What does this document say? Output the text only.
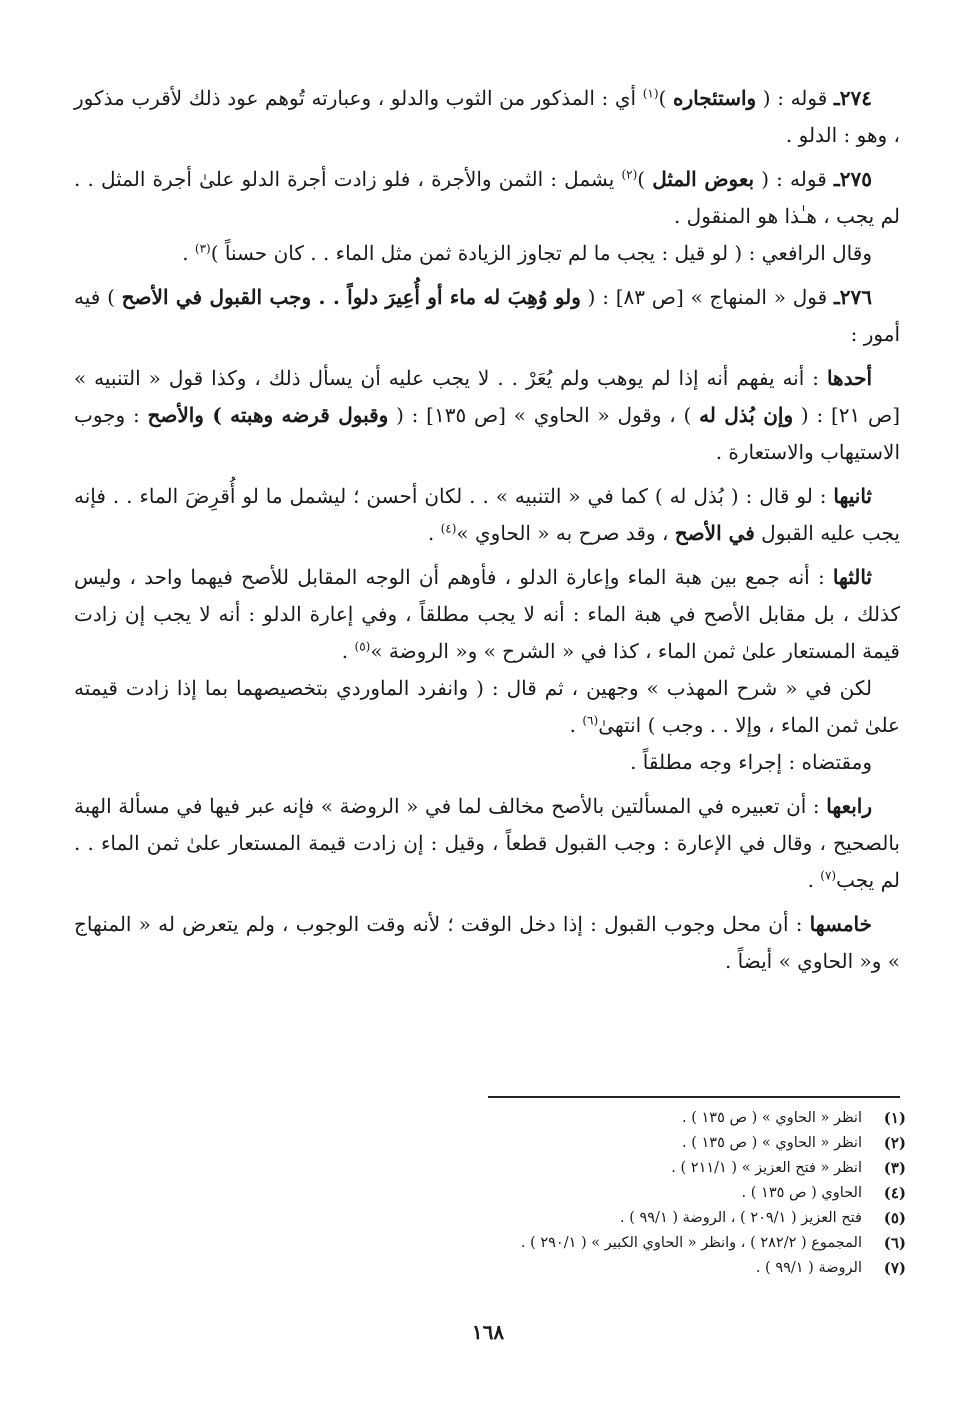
٢٧٤ـ قوله : ( واستئجاره )$^{(١)}$ أي : المذكور من الثوب والدلو ، وعبارته تُوهم عود ذلك لأقرب مذكور ، وهو : الدلو .

٢٧٥ـ قوله : ( بعوض المثل )$^{(٢)}$ يشمل : الثمن والأجرة ، فلو زادت أجرة الدلو علىٰ أجرة المثل . . لم يجب ، هـٰذا هو المنقول .

وقال الرافعي : ( لو قيل : يجب ما لم تجاوز الزيادة ثمن مثل الماء . . كان حسناً )$^{(٣)}$ .

٢٧٦ـ قول « المنهاج » [ص ٨٣] : ( ولو وُهِبَ له ماء أو أُعِيرَ دلواً . . وجب القبول في الأصح ) فيه أمور :

أحدها : أنه يفهم أنه إذا لم يوهب ولم يُعَرْ . . لا يجب عليه أن يسأل ذلك ، وكذا قول « التنبيه » [ص ٢١] : ( وإن بُذل له ) ، وقول « الحاوي » [ص ١٣٥] : ( وقبول قرضه وهبته ) والأصح : وجوب الاستيهاب والاستعارة .

ثانيها : لو قال : ( بُذل له ) كما في « التنبيه » . . لكان أحسن ؛ ليشمل ما لو أُقرِضَ الماء . . فإنه يجب عليه القبول في الأصح ، وقد صرح به « الحاوي »$^{(٤)}$ .

ثالثها : أنه جمع بين هبة الماء وإعارة الدلو ، فأوهم أن الوجه المقابل للأصح فيهما واحد ، وليس كذلك ، بل مقابل الأصح في هبة الماء : أنه لا يجب مطلقاً ، وفي إعارة الدلو : أنه لا يجب إن زادت قيمة المستعار علىٰ ثمن الماء ، كذا في « الشرح » و« الروضة »$^{(٥)}$ .

لكن في « شرح المهذب » وجهين ، ثم قال : ( وانفرد الماوردي بتخصيصهما بما إذا زادت قيمته علىٰ ثمن الماء ، وإلا . . وجب ) انتهىٰ$^{(٦)}$ .

ومقتضاه : إجراء وجه مطلقاً .

رابعها : أن تعبيره في المسألتين بالأصح مخالف لما في « الروضة » فإنه عبر فيها في مسألة الهبة بالصحيح ، وقال في الإعارة : وجب القبول قطعاً ، وقيل : إن زادت قيمة المستعار علىٰ ثمن الماء . . لم يجب$^{(٧)}$ .

خامسها : أن محل وجوب القبول : إذا دخل الوقت ؛ لأنه وقت الوجوب ، ولم يتعرض له « المنهاج » و« الحاوي » أيضاً .

(١)
انظر « الحاوي » ( ص ١٣٥ ) .
(٢)
انظر « الحاوي » ( ص ١٣٥ ) .
(٣)
انظر « فتح العزيز » ( ٢١١/١ ) .
(٤)
الحاوي ( ص ١٣٥ ) .
(٥)
فتح العزيز ( ٢٠٩/١ ) ، الروضة ( ٩٩/١ ) .
(٦)
المجموع ( ٢٨٢/٢ ) ، وانظر « الحاوي الكبير » ( ٢٩٠/١ ) .
(٧)
الروضة ( ٩٩/١ ) .
١٦٨
